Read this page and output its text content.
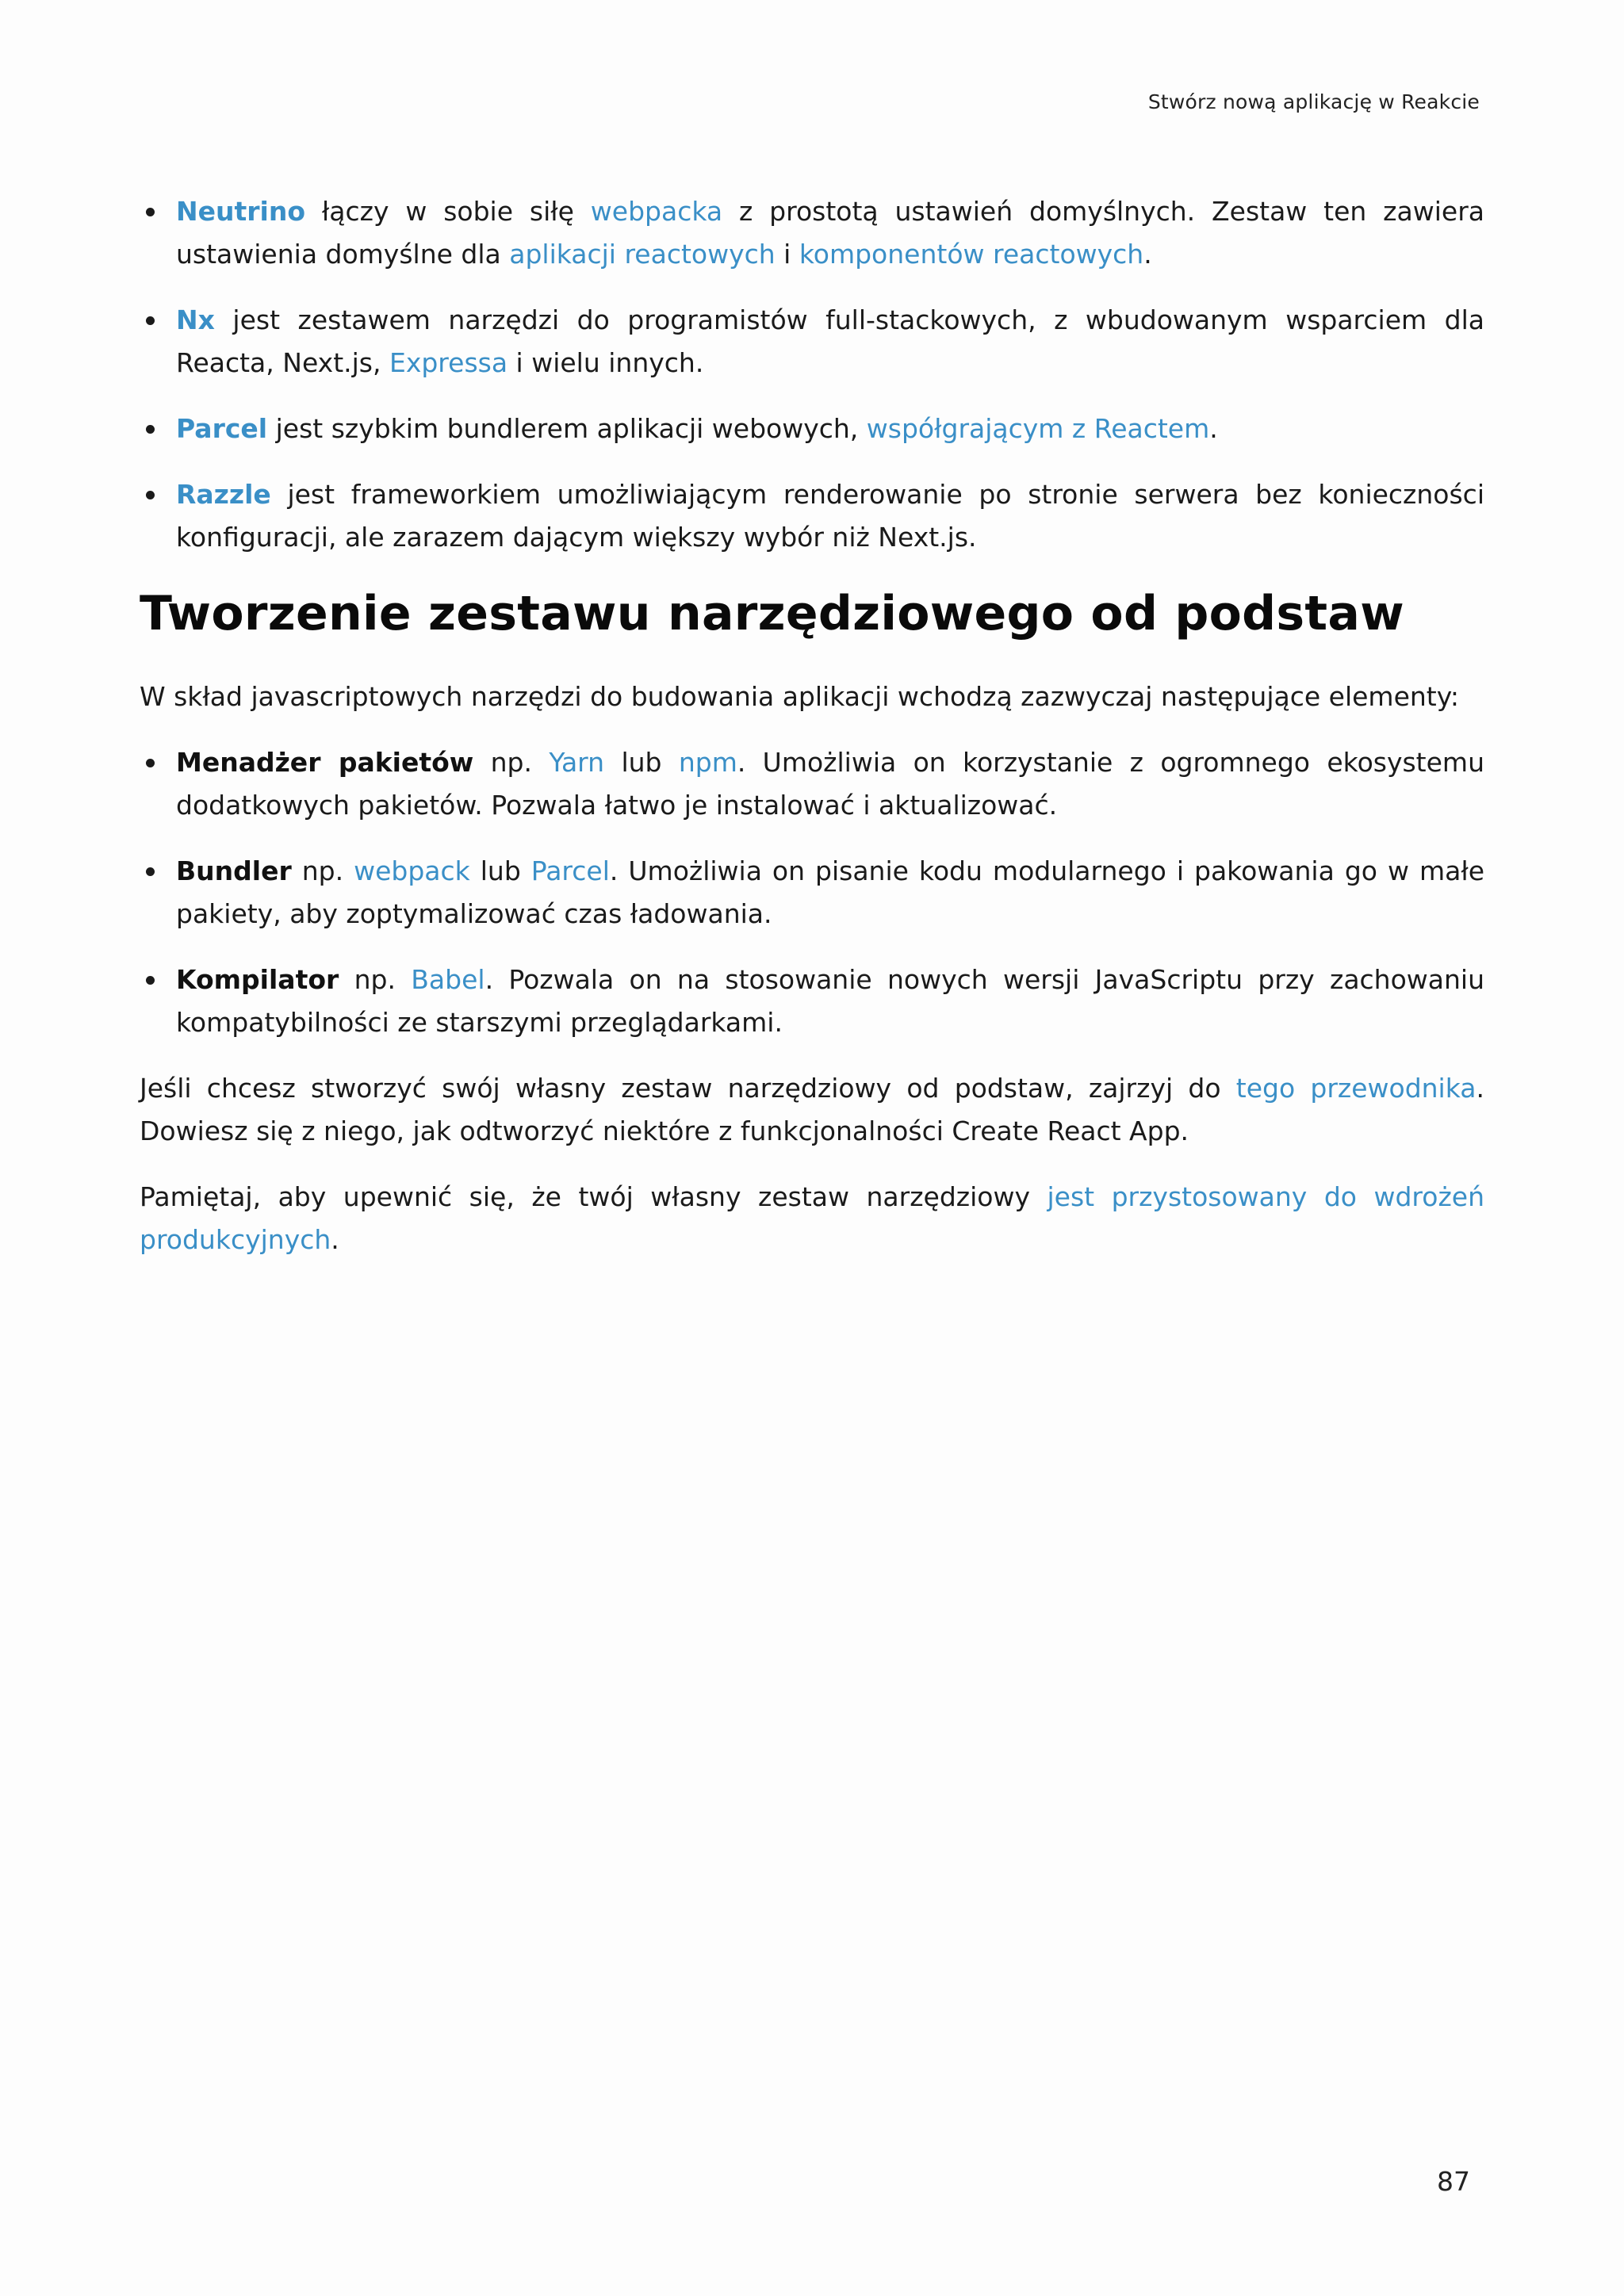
Stwórz nową aplikację w Reakcie
Neutrino łączy w sobie siłę webpacka z prostotą ustawień domyślnych. Zestaw ten zawiera ustawienia domyślne dla aplikacji reactowych i komponentów reactowych.
Nx jest zestawem narzędzi do programistów full-stackowych, z wbudowanym wsparciem dla Reacta, Next.js, Expressa i wielu innych.
Parcel jest szybkim bundlerem aplikacji webowych, współgrającym z Reactem.
Razzle jest frameworkiem umożliwiającym renderowanie po stronie serwera bez konieczności konfiguracji, ale zarazem dającym większy wybór niż Next.js.
Tworzenie zestawu narzędziowego od podstaw

W skład javascriptowych narzędzi do budowania aplikacji wchodzą zazwyczaj następujące elementy:

Menadżer pakietów np. Yarn lub npm. Umożliwia on korzystanie z ogromnego ekosystemu dodatkowych pakietów. Pozwala łatwo je instalować i aktualizować.
Bundler np. webpack lub Parcel. Umożliwia on pisanie kodu modularnego i pakowania go w małe pakiety, aby zoptymalizować czas ładowania.
Kompilator np. Babel. Pozwala on na stosowanie nowych wersji JavaScriptu przy zachowaniu kompatybilności ze starszymi przeglądarkami.

Jeśli chcesz stworzyć swój własny zestaw narzędziowy od podstaw, zajrzyj do tego przewodnika. Dowiesz się z niego, jak odtworzyć niektóre z funkcjonalności Create React App.

Pamiętaj, aby upewnić się, że twój własny zestaw narzędziowy jest przystosowany do wdrożeń produkcyjnych.

87
